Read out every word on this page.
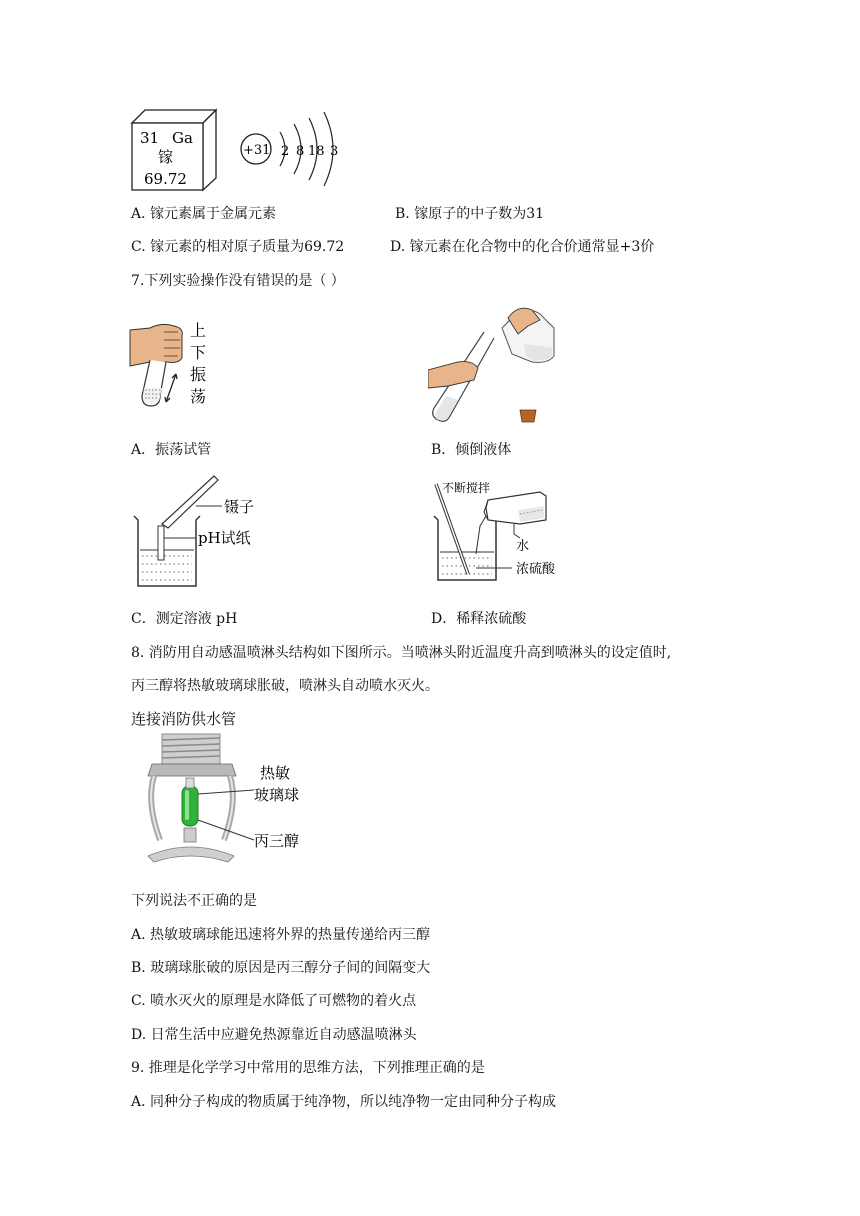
31 Ga
镓
69.72
+31 2 8 18 3
A. 镓元素属于金属元素	B. 镓原子的中子数为31
C. 镓元素的相对原子质量为69.72	D. 镓元素在化合物中的化合价通常显+3价
7.下列实验操作没有错误的是（ ）
上
下
振
荡
A．振荡试管	B．倾倒液体
镊子
pH试纸
不断搅拌
水
浓硫酸
C．测定溶液 pH	D．稀释浓硫酸
8. 消防用自动感温喷淋头结构如下图所示。当喷淋头附近温度升高到喷淋头的设定值时,
丙三醇将热敏玻璃球胀破，喷淋头自动喷水灭火。
连接消防供水管
热敏
玻璃球
丙三醇
下列说法不正确的是
A. 热敏玻璃球能迅速将外界的热量传递给丙三醇
B. 玻璃球胀破的原因是丙三醇分子间的间隔变大
C. 喷水灭火的原理是水降低了可燃物的着火点
D. 日常生活中应避免热源靠近自动感温喷淋头
9. 推理是化学学习中常用的思维方法，下列推理正确的是
A. 同种分子构成的物质属于纯净物，所以纯净物一定由同种分子构成
